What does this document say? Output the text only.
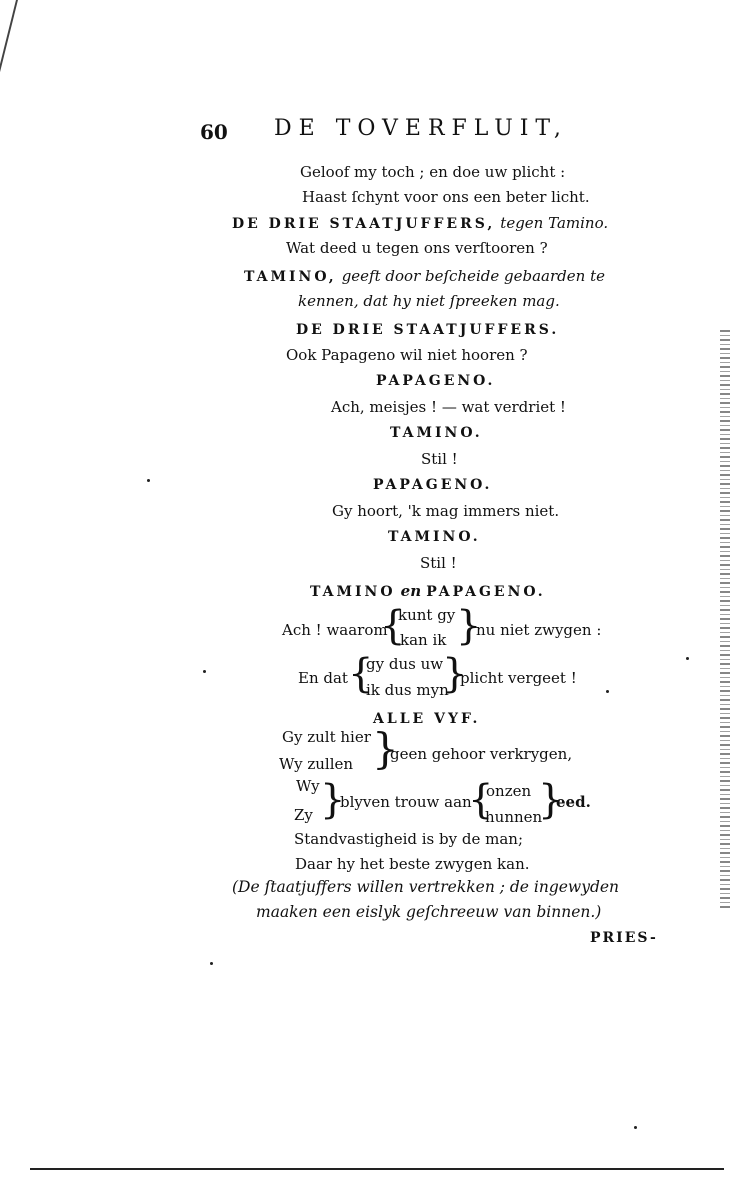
60 DE TOVERFLUIT,
Geloof my toch ; en doe uw plicht :
Haast ſchynt voor ons een beter licht.
DE DRIE STAATJUFFERS, tegen Tamino.
Wat deed u tegen ons verſtooren ?
TAMINO, geeft door beſcheide gebaarden te
kennen, dat hy niet ſpreeken mag.
DE DRIE STAATJUFFERS.
Ook Papageno wil niet hooren ?
PAPAGENO.
Ach, meisjes ! — wat verdriet !
TAMINO.
Stil !
PAPAGENO.
Gy hoort, 'k mag immers niet.
TAMINO.
Stil !
TAMINO en PAPAGENO.
Ach ! waarom
{
kunt gy
kan ik }
nu niet zwygen :
En dat {
gy dus uw
ik dus myn
}
plicht vergeet !
ALLE VYF.
Gy zult hier
Wy zullen }
geen gehoor verkrygen,
Wy
Zy }
blyven trouw aan
{
onzen
hunnen
}
eed.
Standvastigheid is by de man;
Daar hy het beste zwygen kan.
(De ſtaatjuffers willen vertrekken ; de ingewyden
maaken een eislyk geſchreeuw van binnen.)
PRIES-
